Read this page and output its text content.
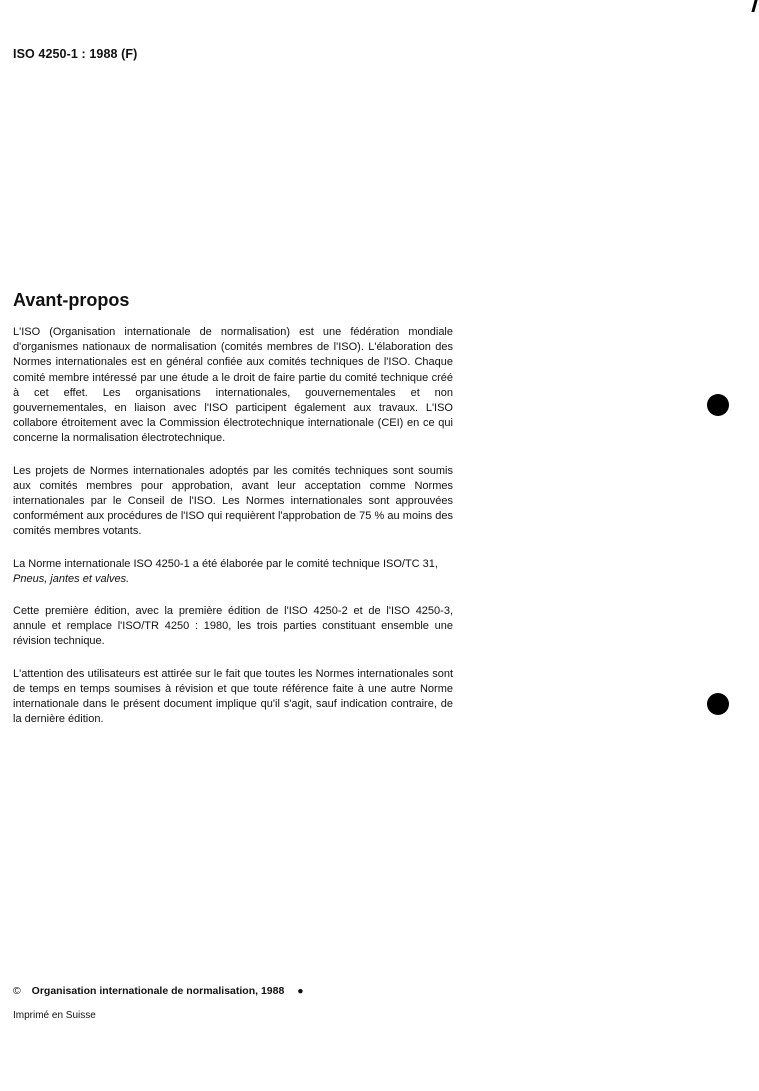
ISO 4250-1 : 1988 (F)
Avant-propos

L'ISO (Organisation internationale de normalisation) est une fédération mondiale d'organismes nationaux de normalisation (comités membres de l'ISO). L'élaboration des Normes internationales est en général confiée aux comités techniques de l'ISO. Chaque comité membre intéressé par une étude a le droit de faire partie du comité technique créé à cet effet. Les organisations internationales, gouvernementales et non gouvernementales, en liaison avec l'ISO participent également aux travaux. L'ISO collabore étroitement avec la Commission électrotechnique internationale (CEI) en ce qui concerne la normalisation électrotechnique.

Les projets de Normes internationales adoptés par les comités techniques sont soumis aux comités membres pour approbation, avant leur acceptation comme Normes internationales par le Conseil de l'ISO. Les Normes internationales sont approuvées conformément aux procédures de l'ISO qui requièrent l'approbation de 75 % au moins des comités membres votants.

La Norme internationale ISO 4250-1 a été élaborée par le comité technique ISO/TC 31,
Pneus, jantes et valves.

Cette première édition, avec la première édition de l'ISO 4250-2 et de l'ISO 4250-3, annule et remplace l'ISO/TR 4250 : 1980, les trois parties constituant ensemble une révision technique.

L'attention des utilisateurs est attirée sur le fait que toutes les Normes internationales sont de temps en temps soumises à révision et que toute référence faite à une autre Norme internationale dans le présent document implique qu'il s'agit, sauf indication contraire, de la dernière édition.

© Organisation internationale de normalisation, 1988 ●
Imprimé en Suisse
